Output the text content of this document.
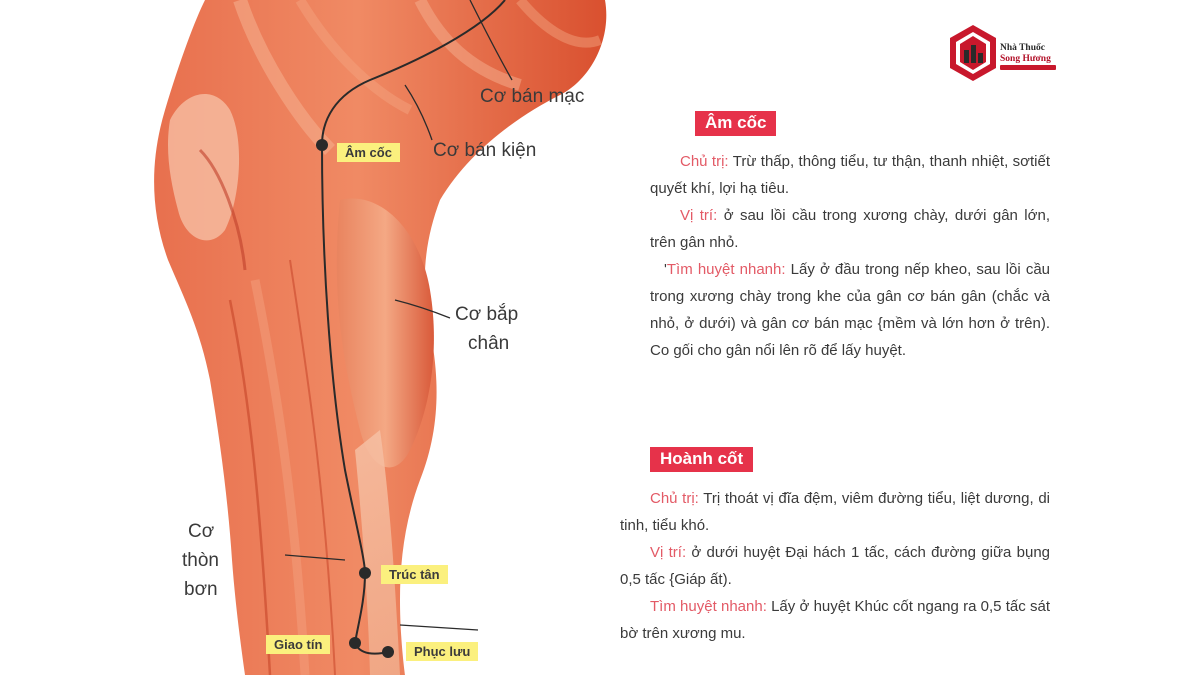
Cơ bán mạc
Cơ bán kiện
Cơ bắp
chân
Cơ
thòn
bơn
Âm cốc
Trúc tân
Giao tín	Phục lưu
Nhà Thuốc
Song Hương
Âm cốc
Chủ trị: Trừ thấp, thông tiểu, tư thận, thanh nhiệt, sơtiết quyết khí, lợi hạ tiêu.
Vị trí: ở sau lồi cầu trong xương chày, dưới gân lớn, trên gân nhỏ.
'Tìm huyệt nhanh: Lấy ở đầu trong nếp kheo, sau lồi cầu trong xương chày trong khe của gân cơ bán gân (chắc và nhỏ, ở dưới) và gân cơ bán mạc {mềm và lớn hơn ở trên). Co gối cho gân nổi lên rõ để lấy huyệt.
Hoành cốt
Chủ trị: Trị thoát vị đĩa đệm, viêm đường tiểu, liệt dương, di tinh, tiểu khó.
Vị trí: ở dưới huyệt Đại hách 1 tấc, cách đường giữa bụng 0,5 tấc {Giáp ất).
Tìm huyệt nhanh: Lấy ở huyệt Khúc cốt ngang ra 0,5 tấc sát bờ trên xương mu.
